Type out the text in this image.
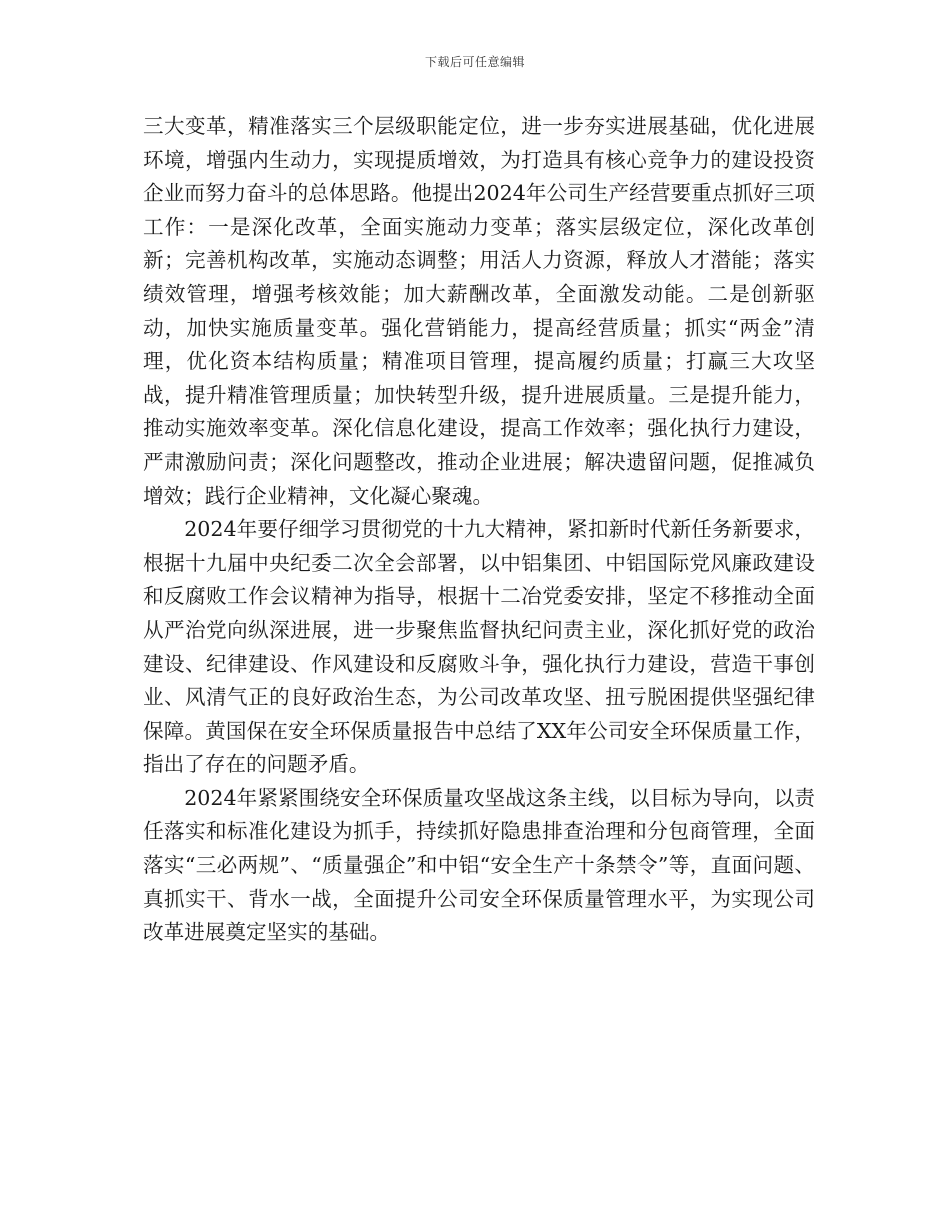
下载后可任意编辑

三大变革，精准落实三个层级职能定位，进一步夯实进展基础，优化进展环境，增强内生动力，实现提质增效，为打造具有核心竞争力的建设投资企业而努力奋斗的总体思路。他提出2024年公司生产经营要重点抓好三项工作：一是深化改革，全面实施动力变革；落实层级定位，深化改革创新；完善机构改革，实施动态调整；用活人力资源，释放人才潜能；落实绩效管理，增强考核效能；加大薪酬改革，全面激发动能。二是创新驱动，加快实施质量变革。强化营销能力，提高经营质量；抓实“两金”清理，优化资本结构质量；精准项目管理，提高履约质量；打赢三大攻坚战，提升精准管理质量；加快转型升级，提升进展质量。三是提升能力，推动实施效率变革。深化信息化建设，提高工作效率；强化执行力建设，严肃激励问责；深化问题整改，推动企业进展；解决遗留问题，促推减负增效；践行企业精神，文化凝心聚魂。

2024年要仔细学习贯彻党的十九大精神，紧扣新时代新任务新要求，根据十九届中央纪委二次全会部署，以中铝集团、中铝国际党风廉政建设和反腐败工作会议精神为指导，根据十二冶党委安排，坚定不移推动全面从严治党向纵深进展，进一步聚焦监督执纪问责主业，深化抓好党的政治建设、纪律建设、作风建设和反腐败斗争，强化执行力建设，营造干事创业、风清气正的良好政治生态，为公司改革攻坚、扭亏脱困提供坚强纪律保障。黄国保在安全环保质量报告中总结了XX年公司安全环保质量工作，指出了存在的问题矛盾。

2024年紧紧围绕安全环保质量攻坚战这条主线，以目标为导向，以责任落实和标准化建设为抓手，持续抓好隐患排查治理和分包商管理，全面落实“三必两规”、“质量强企”和中铝“安全生产十条禁令”等，直面问题、真抓实干、背水一战，全面提升公司安全环保质量管理水平，为实现公司改革进展奠定坚实的基础。
